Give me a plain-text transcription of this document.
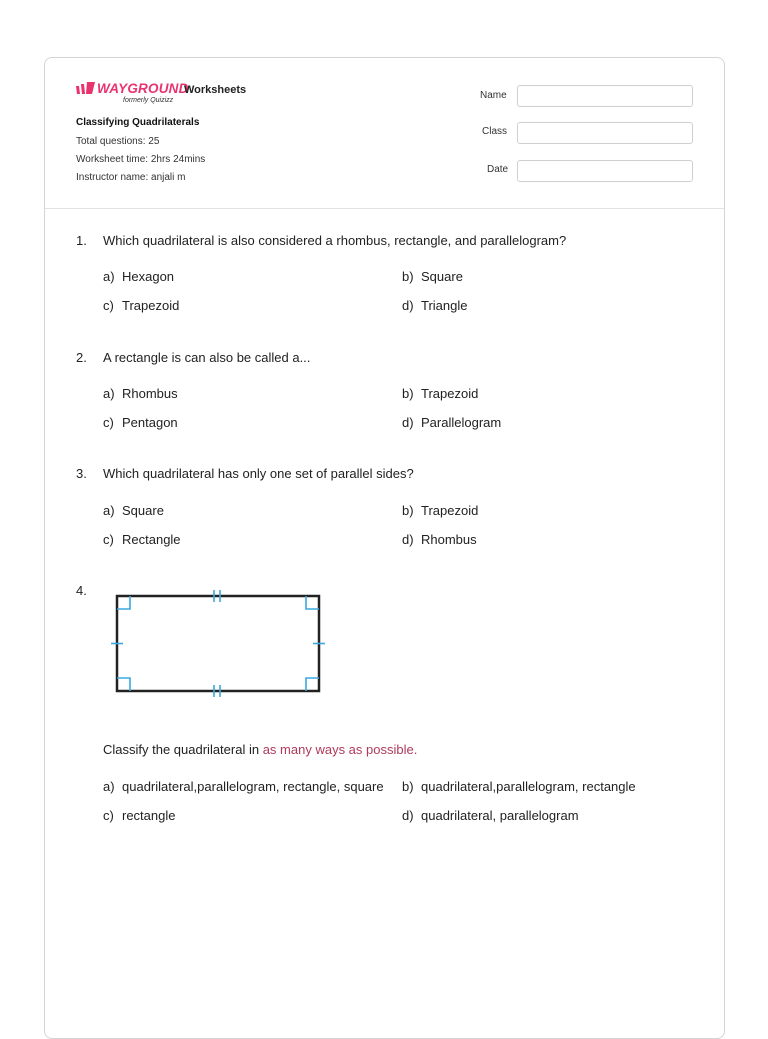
WAYGROUND
formerly Quizizz
Worksheets
Classifying Quadrilaterals
Total questions: 25
Worksheet time: 2hrs 24mins
Instructor name: anjali m
Name
Class
Date
1. Which quadrilateral is also considered a rhombus, rectangle, and parallelogram?
a) Hexagon	b) Square
c) Trapezoid	d) Triangle
2. A rectangle is can also be called a...
a) Rhombus	b) Trapezoid
c) Pentagon	d) Parallelogram
3. Which quadrilateral has only one set of parallel sides?
a) Square	b) Trapezoid
c) Rectangle	d) Rhombus
4.
Classify the quadrilateral in as many ways as possible.
a) quadrilateral,parallelogram, rectangle, square b) quadrilateral,parallelogram, rectangle
c) rectangle	d) quadrilateral, parallelogram
